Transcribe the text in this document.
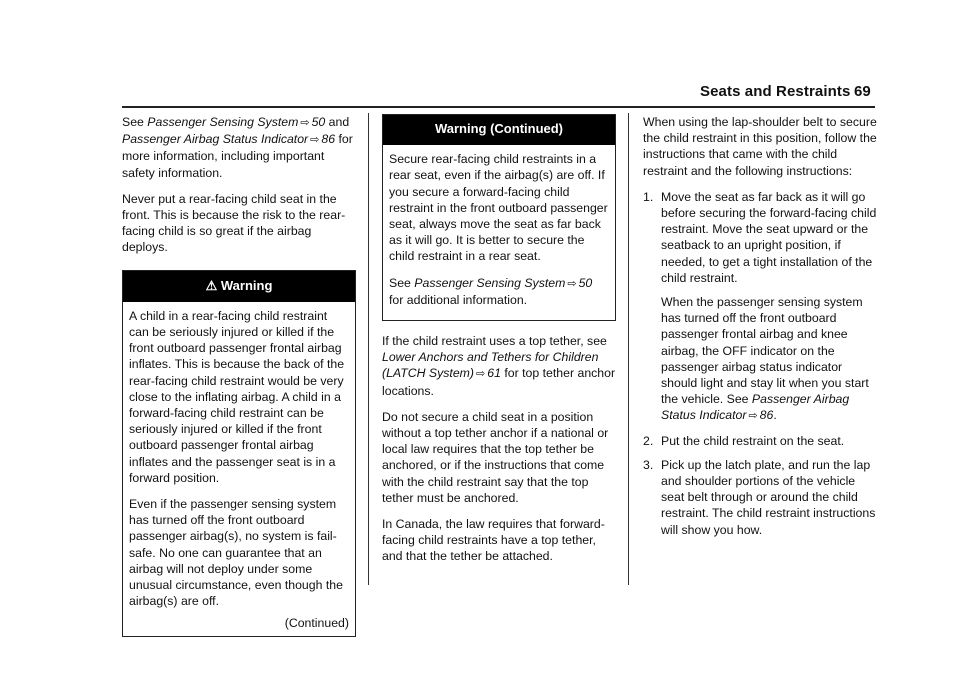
Seats and Restraints 69

See Passenger Sensing System ⇨ 50 and
Passenger Airbag Status Indicator ⇨ 86 for more information, including important safety information.

Never put a rear-facing child seat in the front. This is because the risk to the rear-facing child is so great if the airbag deploys.

⚠ Warning

A child in a rear-facing child restraint can be seriously injured or killed if the front outboard passenger frontal airbag inflates. This is because the back of the rear-facing child restraint would be very close to the inflating airbag. A child in a forward-facing child restraint can be seriously injured or killed if the front outboard passenger frontal airbag inflates and the passenger seat is in a forward position.

Even if the passenger sensing system has turned off the front outboard passenger airbag(s), no system is fail-safe. No one can guarantee that an airbag will not deploy under some unusual circumstance, even though the airbag(s) are off.

(Continued)
Warning (Continued)

Secure rear-facing child restraints in a rear seat, even if the airbag(s) are off. If you secure a forward-facing child restraint in the front outboard passenger seat, always move the seat as far back as it will go. It is better to secure the child restraint in a rear seat.

See Passenger Sensing System ⇨ 50 for additional information.

If the child restraint uses a top tether, see Lower Anchors and Tethers for Children (LATCH System) ⇨ 61 for top tether anchor locations.

Do not secure a child seat in a position without a top tether anchor if a national or local law requires that the top tether be anchored, or if the instructions that come with the child restraint say that the top tether must be anchored.

In Canada, the law requires that forward-facing child restraints have a top tether, and that the tether be attached.

When using the lap-shoulder belt to secure the child restraint in this position, follow the instructions that came with the child restraint and the following instructions:

1. Move the seat as far back as it will go before securing the forward-facing child restraint. Move the seat upward or the seatback to an upright position, if needed, to get a tight installation of the child restraint.

When the passenger sensing system has turned off the front outboard passenger frontal airbag and knee airbag, the OFF indicator on the passenger airbag status indicator should light and stay lit when you start the vehicle. See Passenger Airbag Status Indicator ⇨ 86.

2. Put the child restraint on the seat.

3. Pick up the latch plate, and run the lap and shoulder portions of the vehicle seat belt through or around the child restraint. The child restraint instructions will show you how.
